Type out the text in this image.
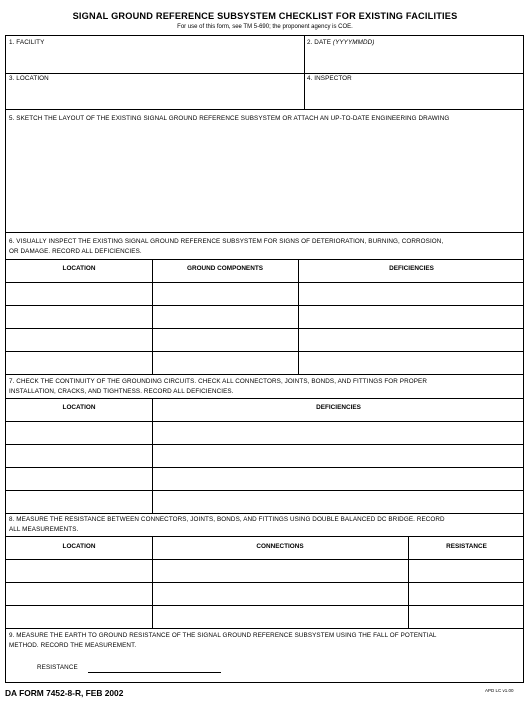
SIGNAL GROUND REFERENCE SUBSYSTEM CHECKLIST FOR EXISTING FACILITIES
For use of this form, see TM 5-690; the proponent agency is COE.
1. FACILITY	2. DATE (YYYYMMDD)
3. LOCATION	4. INSPECTOR
5. SKETCH THE LAYOUT OF THE EXISTING SIGNAL GROUND REFERENCE SUBSYSTEM OR ATTACH AN UP-TO-DATE ENGINEERING DRAWING
6. VISUALLY INSPECT THE EXISTING SIGNAL GROUND REFERENCE SUBSYSTEM FOR SIGNS OF DETERIORATION, BURNING, CORROSION,
OR DAMAGE. RECORD ALL DEFICIENCIES.
LOCATION	GROUND COMPONENTS	DEFICIENCIES
7. CHECK THE CONTINUITY OF THE GROUNDING CIRCUITS. CHECK ALL CONNECTORS, JOINTS, BONDS, AND FITTINGS FOR PROPER
INSTALLATION, CRACKS, AND TIGHTNESS. RECORD ALL DEFICIENCIES.
LOCATION	DEFICIENCIES
8. MEASURE THE RESISTANCE BETWEEN CONNECTORS, JOINTS, BONDS, AND FITTINGS USING DOUBLE BALANCED DC BRIDGE. RECORD
ALL MEASUREMENTS.
LOCATION	CONNECTIONS	RESISTANCE
9. MEASURE THE EARTH TO GROUND RESISTANCE OF THE SIGNAL GROUND REFERENCE SUBSYSTEM USING THE FALL OF POTENTIAL
METHOD. RECORD THE MEASUREMENT.
RESISTANCE
DA FORM 7452-8-R, FEB 2002	APD LC v1.00
